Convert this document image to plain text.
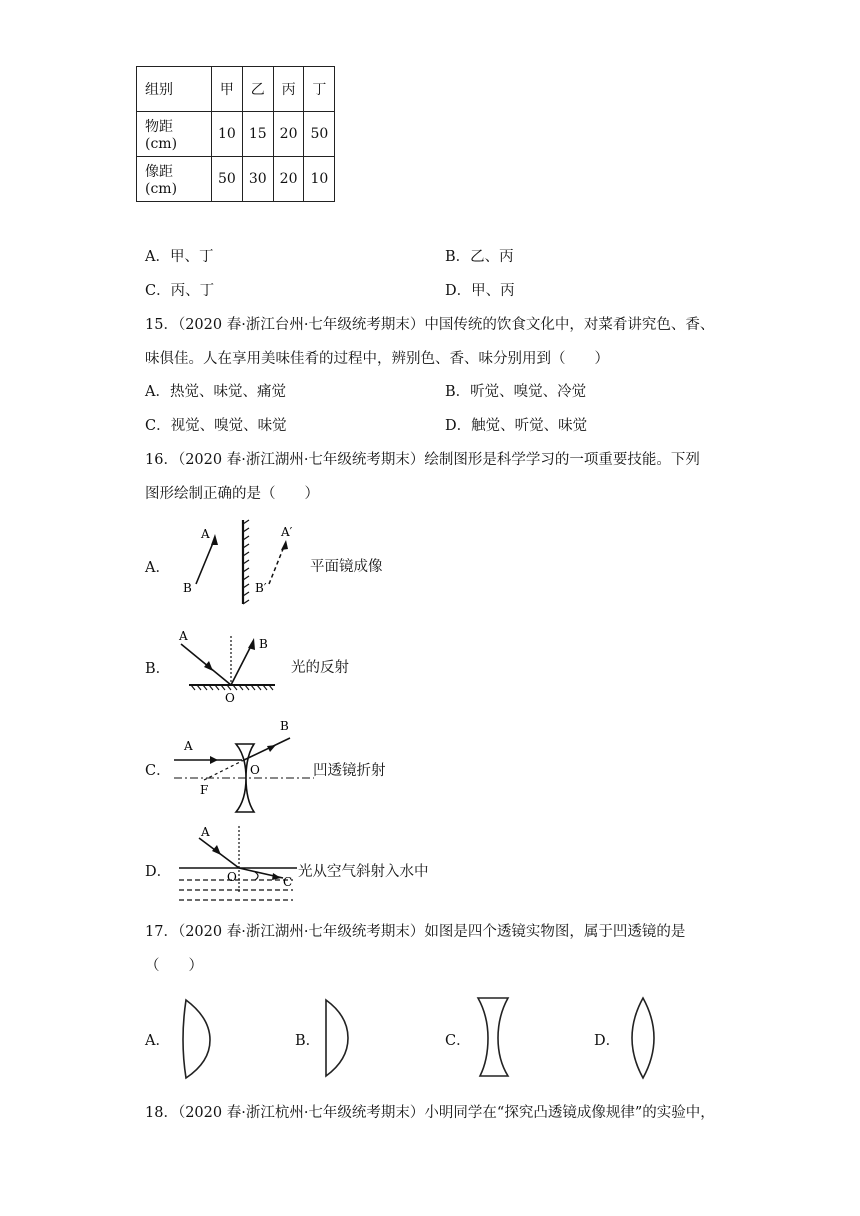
组别	甲	乙	丙	丁
物距(cm)	10	15	20	50
像距(cm)	50	30	20	10
A．甲、丁	B．乙、丙
C．丙、丁	D．甲、丙
15．（2020 春·浙江台州·七年级统考期末）中国传统的饮食文化中，对菜肴讲究色、香、
味俱佳。人在享用美味佳肴的过程中，辨别色、香、味分别用到（　　）
A．热觉、味觉、痛觉	B．听觉、嗅觉、冷觉
C．视觉、嗅觉、味觉	D．触觉、听觉、味觉
16．（2020 春·浙江湖州·七年级统考期末）绘制图形是科学学习的一项重要技能。下列
图形绘制正确的是（　　）
A．
A
B
A′
B′
平面镜成像
B．
A
B
O
光的反射
C．
A
B
O
F
凹透镜折射
D．
A
O	C
光从空气斜射入水中
17．（2020 春·浙江湖州·七年级统考期末）如图是四个透镜实物图，属于凹透镜的是
（　　）
A．	B．	C．	D．
18．（2020 春·浙江杭州·七年级统考期末）小明同学在“探究凸透镜成像规律”的实验中，
